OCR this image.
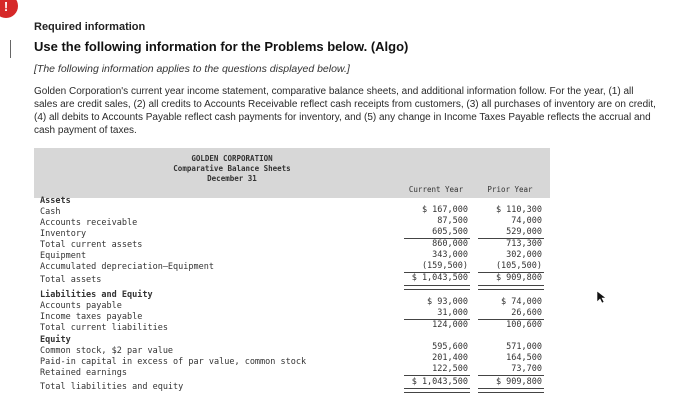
!
Required information
Use the following information for the Problems below. (Algo)
[The following information applies to the questions displayed below.]
Golden Corporation's current year income statement, comparative balance sheets, and additional information follow. For the year, (1) all sales are credit sales, (2) all credits to Accounts Receivable reflect cash receipts from customers, (3) all purchases of inventory are on credit, (4) all debits to Accounts Payable reflect cash payments for inventory, and (5) any change in Income Taxes Payable reflects the accrual and cash payment of taxes.
GOLDEN CORPORATION
Comparative Balance Sheets
December 31
Current Year	Prior Year
Assets
Cash	$ 167,000	$ 110,300
Accounts receivable	87,500	74,000
Inventory	605,500	529,000
Total current assets	860,000	713,300
Equipment	343,000	302,000
Accumulated depreciation—Equipment	(159,500)	(105,500)
Total assets	$ 1,043,500	$ 909,800
Liabilities and Equity
Accounts payable	$ 93,000	$ 74,000
Income taxes payable	31,000	26,600
Total current liabilities	124,000	100,600
Equity
Common stock, $2 par value	595,600	571,000
Paid-in capital in excess of par value, common stock	201,400	164,500
Retained earnings	122,500	73,700
Total liabilities and equity	$ 1,043,500	$ 909,800
